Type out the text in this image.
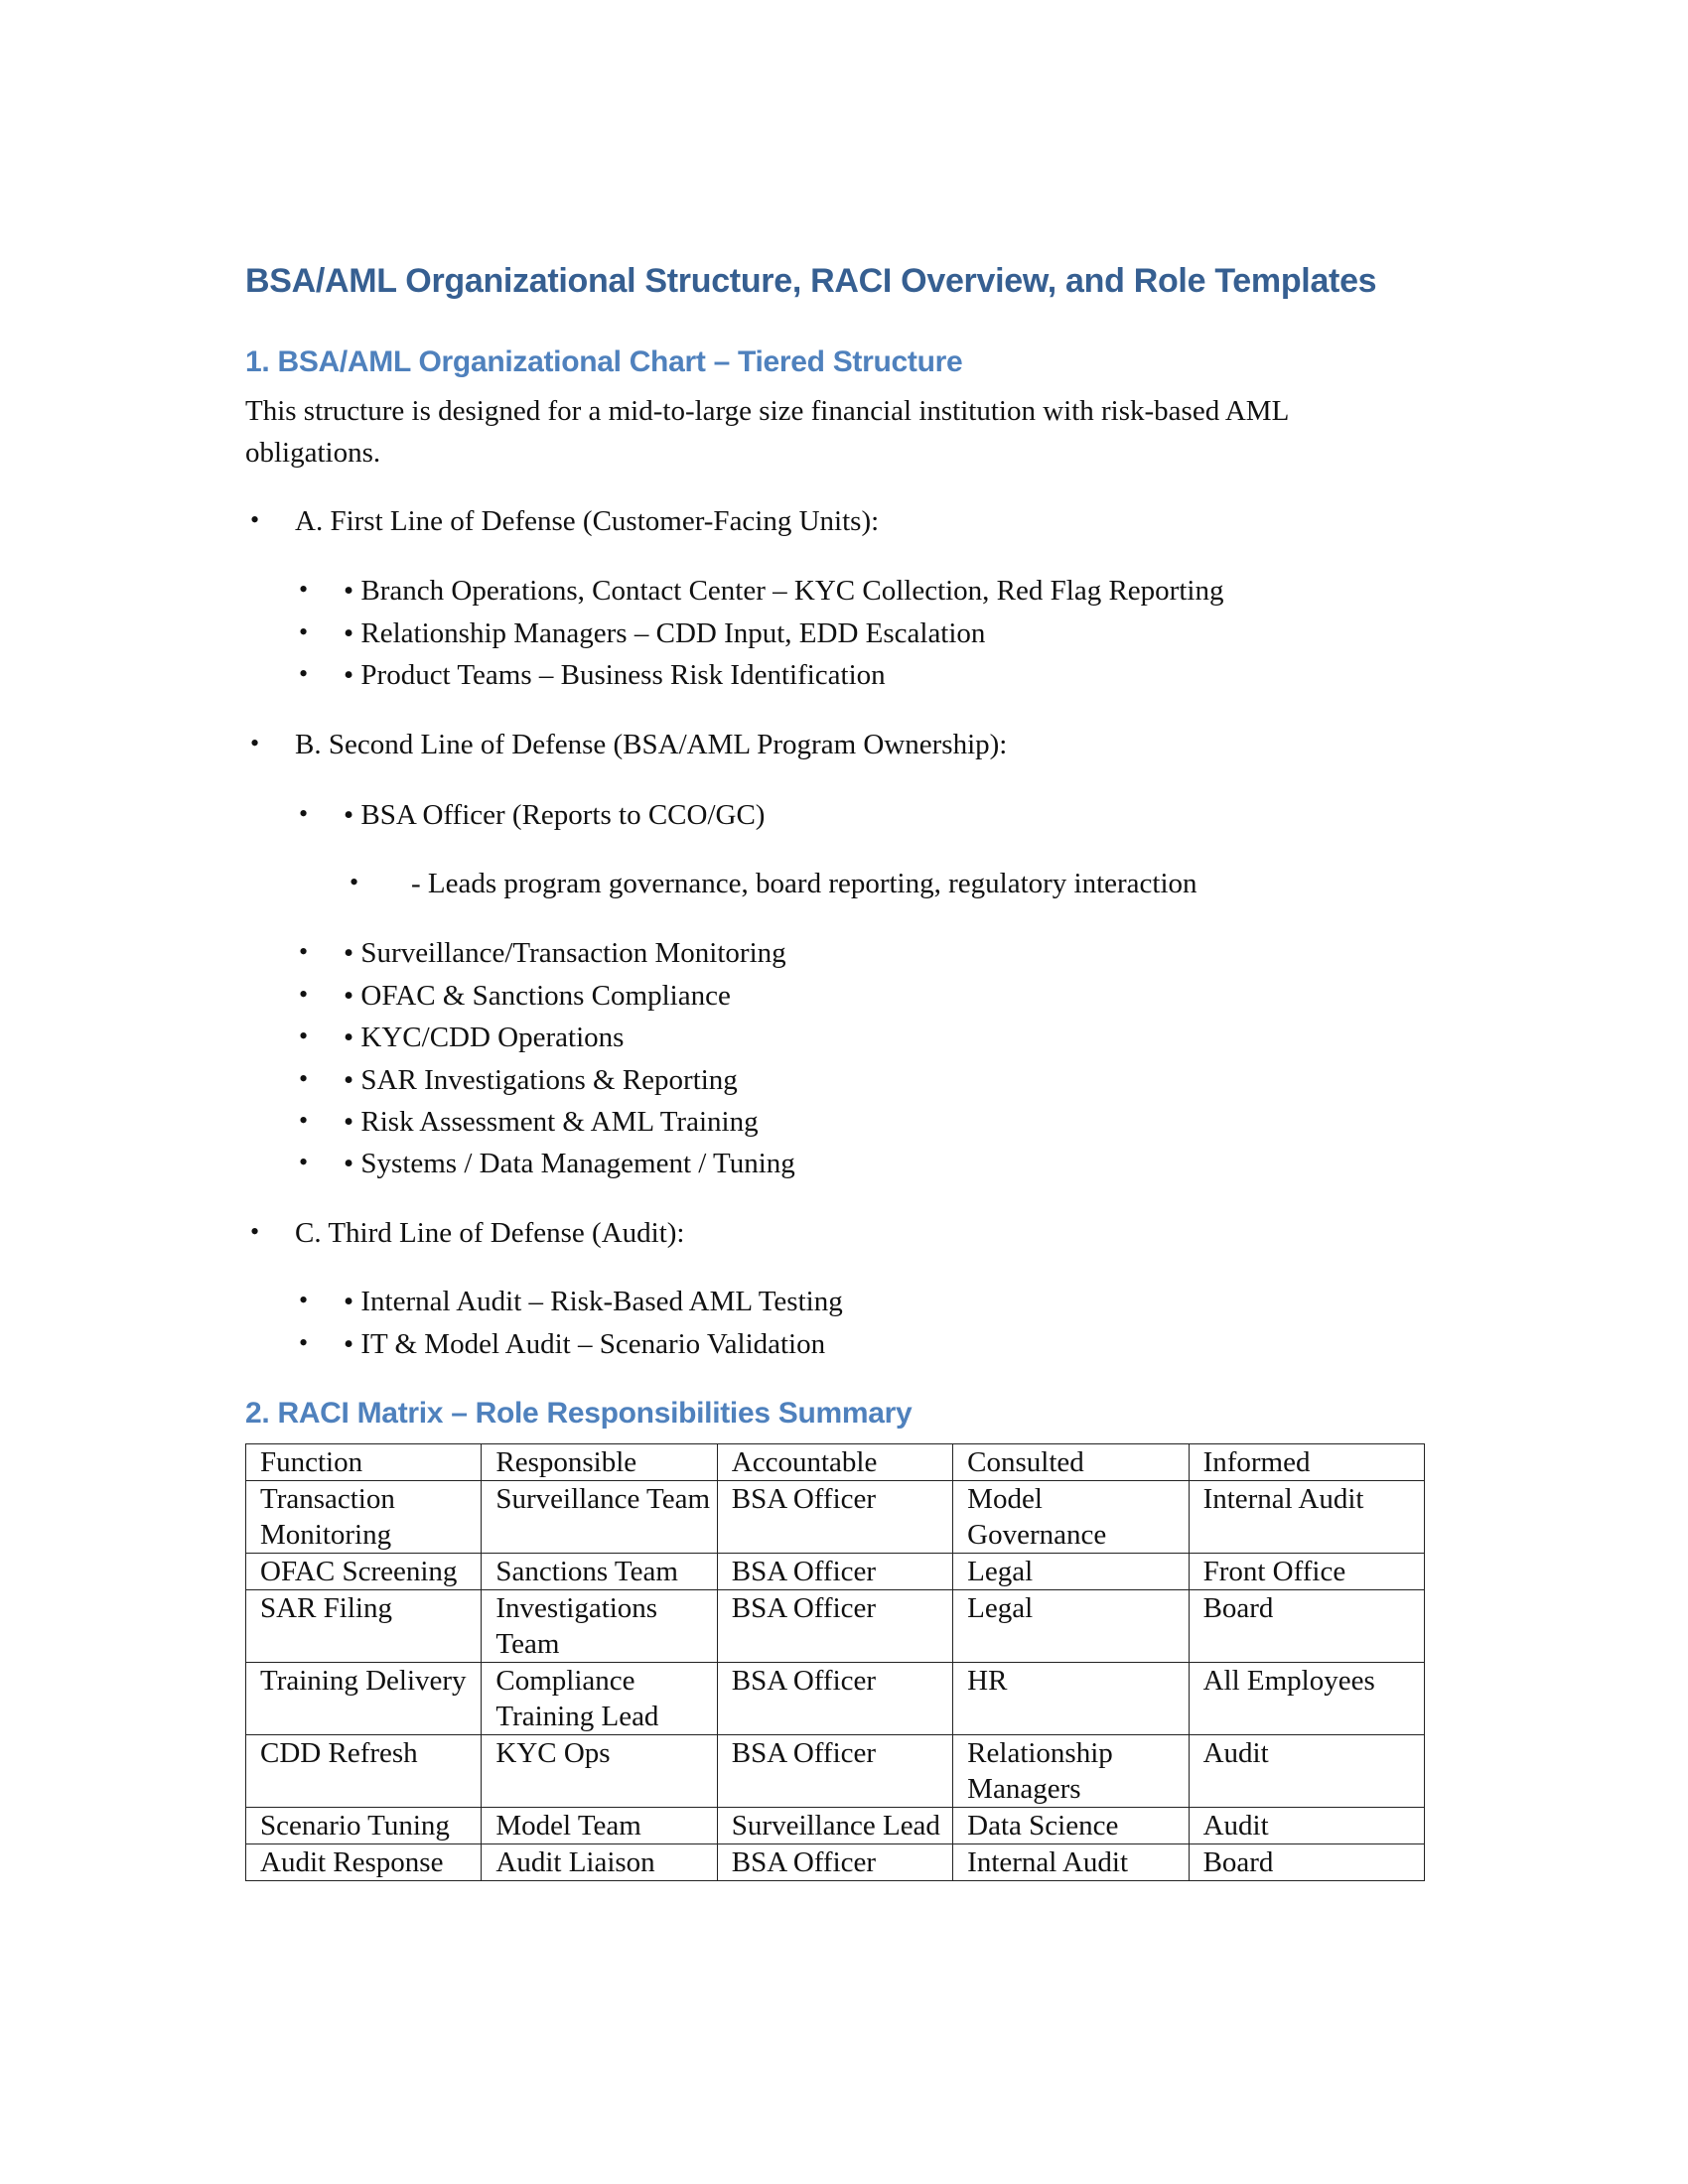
BSA/AML Organizational Structure, RACI Overview, and Role Templates
1. BSA/AML Organizational Chart – Tiered Structure
This structure is designed for a mid-to-large size financial institution with risk-based AML
obligations.
• A. First Line of Defense (Customer-Facing Units):
• • Branch Operations, Contact Center – KYC Collection, Red Flag Reporting
• • Relationship Managers – CDD Input, EDD Escalation
• • Product Teams – Business Risk Identification
• B. Second Line of Defense (BSA/AML Program Ownership):
• • BSA Officer (Reports to CCO/GC)
• - Leads program governance, board reporting, regulatory interaction
• • Surveillance/Transaction Monitoring
• • OFAC & Sanctions Compliance
• • KYC/CDD Operations
• • SAR Investigations & Reporting
• • Risk Assessment & AML Training
• • Systems / Data Management / Tuning
• C. Third Line of Defense (Audit):
• • Internal Audit – Risk-Based AML Testing
• • IT & Model Audit – Scenario Validation
2. RACI Matrix – Role Responsibilities Summary
Function	Responsible	Accountable	Consulted	Informed
Transaction Monitoring	Surveillance Team	BSA Officer	Model Governance	Internal Audit
OFAC Screening	Sanctions Team	BSA Officer	Legal	Front Office
SAR Filing	Investigations Team	BSA Officer	Legal	Board
Training Delivery	Compliance Training Lead	BSA Officer	HR	All Employees
CDD Refresh	KYC Ops	BSA Officer	Relationship Managers	Audit
Scenario Tuning	Model Team	Surveillance Lead	Data Science	Audit
Audit Response	Audit Liaison	BSA Officer	Internal Audit	Board
